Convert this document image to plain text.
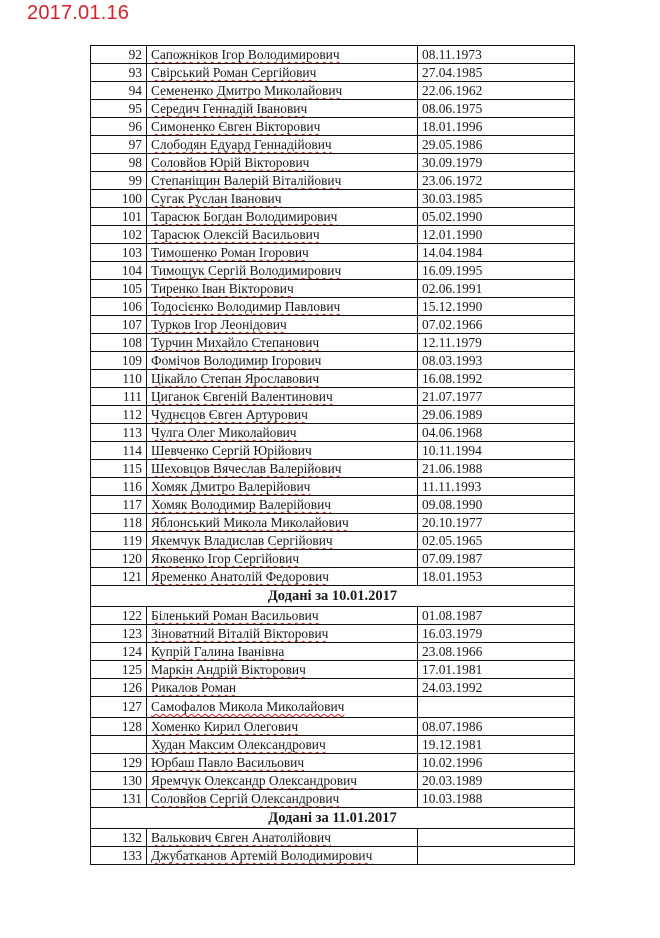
2017.01.16
92	Сапожніков Ігор Володимирович	08.11.1973
93	Свірський Роман Сергійович	27.04.1985
94	Семененко Дмитро Миколайович	22.06.1962
95	Середич Геннадій Іванович	08.06.1975
96	Симоненко Євген Вікторович	18.01.1996
97	Слободян Едуард Геннадійович	29.05.1986
98	Соловйов Юрій Вікторович	30.09.1979
99	Степаніщин Валерій Віталійович	23.06.1972
100	Сугак Руслан Іванович	30.03.1985
101	Тарасюк Богдан Володимирович	05.02.1990
102	Тарасюк Олексій Васильович	12.01.1990
103	Тимошенко Роман Ігорович	14.04.1984
104	Тимощук Сергій Володимирович	16.09.1995
105	Тиренко Іван Вікторович	02.06.1991
106	Тодосієнко Володимир Павлович	15.12.1990
107	Турков Ігор Леонідович	07.02.1966
108	Турчин Михайло Степанович	12.11.1979
109	Фомічов Володимир Ігорович	08.03.1993
110	Цікайло Степан Ярославович	16.08.1992
111	Циганок Євгеній Валентинович	21.07.1977
112	Чуднєцов Євген Артурович	29.06.1989
113	Чулга Олег Миколайович	04.06.1968
114	Шевченко Сергій Юрійович	10.11.1994
115	Шеховцов Вячеслав Валерійович	21.06.1988
116	Хомяк Дмитро Валерійович	11.11.1993
117	Хомяк Володимир Валерійович	09.08.1990
118	Яблонський Микола Миколайович	20.10.1977
119	Якемчук Владислав Сергійович	02.05.1965
120	Яковенко Ігор Сергійович	07.09.1987
121	Яременко Анатолій Федорович	18.01.1953
Додані за 10.01.2017		
122	Біленький Роман Васильович	01.08.1987
123	Зіноватний Віталій Вікторович	16.03.1979
124	Купрій Галина Іванівна	23.08.1966
125	Маркін Андрій Вікторович	17.01.1981
126	Рикалов Роман	24.03.1992
127	Самофалов Микола Миколайович	
128	Хоменко Кирил Олегович	08.07.1986
	Худан Максим Олександрович	19.12.1981
129	Юрбаш Павло Васильович	10.02.1996
130	Яремчук Олександр Олександрович	20.03.1989
131	Соловйов Сергій Олександрович	10.03.1988
Додані за 11.01.2017		
132	Валькович Євген Анатолійович	
133	Джубатканов Артемій Володимирович	
